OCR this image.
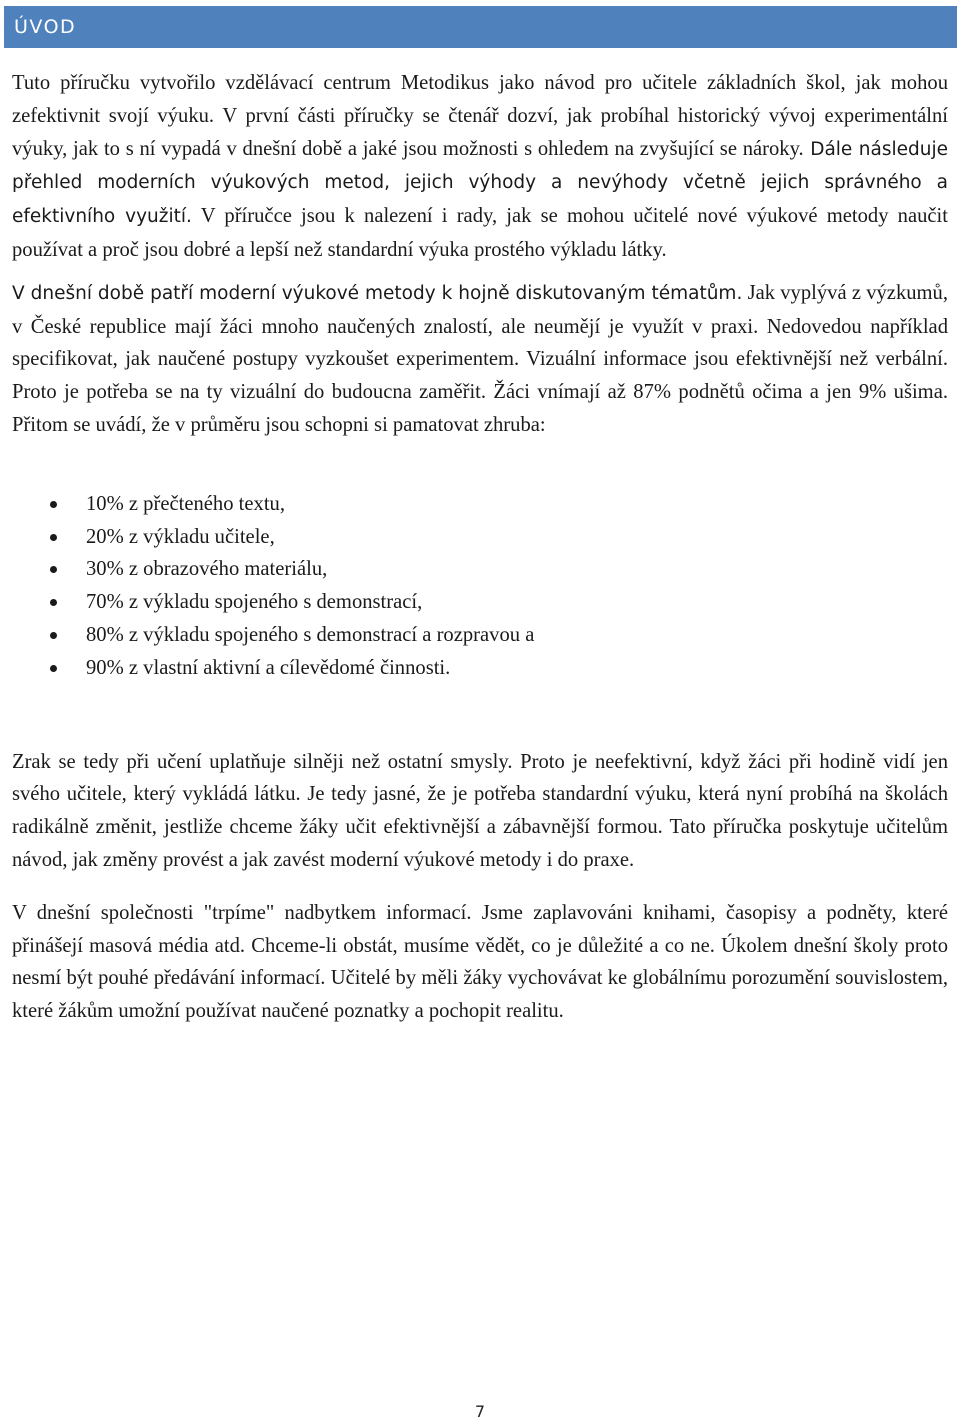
ÚVOD

Tuto příručku vytvořilo vzdělávací centrum Metodikus jako návod pro učitele základních škol, jak mohou zefektivnit svojí výuku. V první části příručky se čtenář dozví, jak probíhal historický vývoj experimentální výuky, jak to s ní vypadá v dnešní době a jaké jsou možnosti s ohledem na zvyšující se nároky. Dále následuje přehled moderních výukových metod, jejich výhody a nevýhody včetně jejich správného a efektivního využití. V příručce jsou k nalezení i rady, jak se mohou učitelé nové výukové metody naučit používat a proč jsou dobré a lepší než standardní výuka prostého výkladu látky.

V dnešní době patří moderní výukové metody k hojně diskutovaným tématům. Jak vyplývá z výzkumů, v České republice mají žáci mnoho naučených znalostí, ale neumějí je využít v praxi. Nedovedou například specifikovat, jak naučené postupy vyzkoušet experimentem. Vizuální informace jsou efektivnější než verbální. Proto je potřeba se na ty vizuální do budoucna zaměřit. Žáci vnímají až 87% podnětů očima a jen 9% ušima. Přitom se uvádí, že v průměru jsou schopni si pamatovat zhruba:

10% z přečteného textu,
20% z výkladu učitele,
30% z obrazového materiálu,
70% z výkladu spojeného s demonstrací,
80% z výkladu spojeného s demonstrací a rozpravou a
90% z vlastní aktivní a cílevědomé činnosti.

Zrak se tedy při učení uplatňuje silněji než ostatní smysly. Proto je neefektivní, když žáci při hodině vidí jen svého učitele, který vykládá látku. Je tedy jasné, že je potřeba standardní výuku, která nyní probíhá na školách radikálně změnit, jestliže chceme žáky učit efektivnější a zábavnější formou. Tato příručka poskytuje učitelům návod, jak změny provést a jak zavést moderní výukové metody i do praxe.

V dnešní společnosti "trpíme" nadbytkem informací. Jsme zaplavováni knihami, časopisy a podněty, které přinášejí masová média atd. Chceme-li obstát, musíme vědět, co je důležité a co ne. Úkolem dnešní školy proto nesmí být pouhé předávání informací. Učitelé by měli žáky vychovávat ke globálnímu porozumění souvislostem, které žákům umožní používat naučené poznatky a pochopit realitu.

7
